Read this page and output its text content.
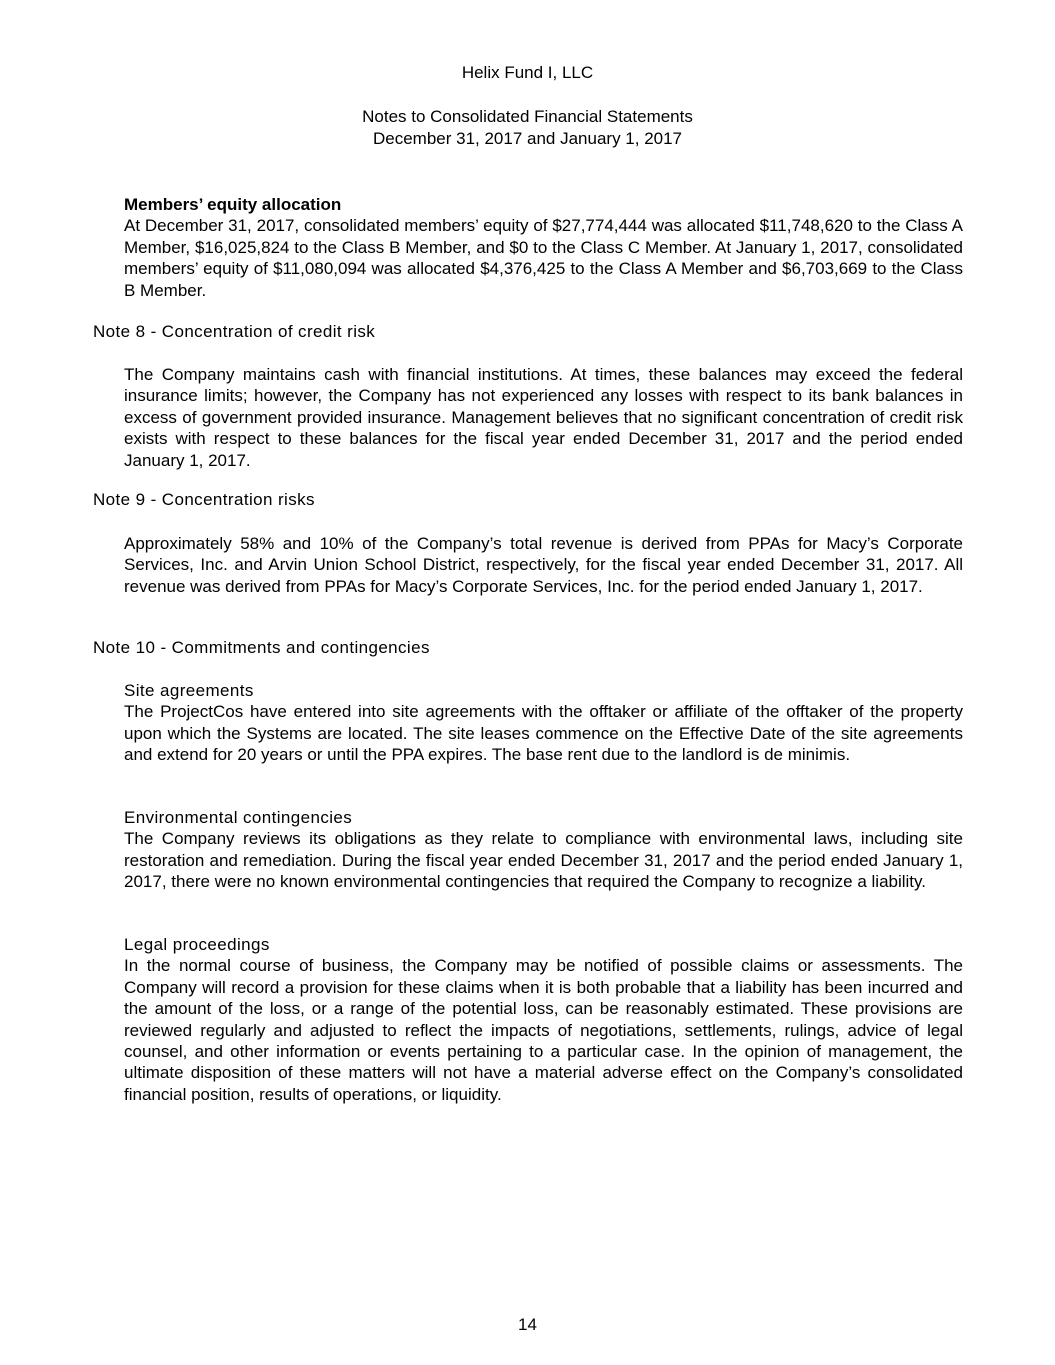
Helix Fund I, LLC
Notes to Consolidated Financial Statements
December 31, 2017 and January 1, 2017

Members’ equity allocation

At December 31, 2017, consolidated members’ equity of $27,774,444 was allocated $11,748,620 to the Class A Member, $16,025,824 to the Class B Member, and $0 to the Class C Member. At January 1, 2017, consolidated members’ equity of $11,080,094 was allocated $4,376,425 to the Class A Member and $6,703,669 to the Class B Member.

Note 8 - Concentration of credit risk
The Company maintains cash with financial institutions. At times, these balances may exceed the federal insurance limits; however, the Company has not experienced any losses with respect to its bank balances in excess of government provided insurance. Management believes that no significant concentration of credit risk exists with respect to these balances for the fiscal year ended December 31, 2017 and the period ended January 1, 2017.
Note 9 - Concentration risks
Approximately 58% and 10% of the Company’s total revenue is derived from PPAs for Macy’s Corporate Services, Inc. and Arvin Union School District, respectively, for the fiscal year ended December 31, 2017. All revenue was derived from PPAs for Macy’s Corporate Services, Inc. for the period ended January 1, 2017.
Note 10 - Commitments and contingencies

Site agreements

The ProjectCos have entered into site agreements with the offtaker or affiliate of the offtaker of the property upon which the Systems are located. The site leases commence on the Effective Date of the site agreements and extend for 20 years or until the PPA expires. The base rent due to the landlord is de minimis.

Environmental contingencies

The Company reviews its obligations as they relate to compliance with environmental laws, including site restoration and remediation. During the fiscal year ended December 31, 2017 and the period ended January 1, 2017, there were no known environmental contingencies that required the Company to recognize a liability.

Legal proceedings

In the normal course of business, the Company may be notified of possible claims or assessments. The Company will record a provision for these claims when it is both probable that a liability has been incurred and the amount of the loss, or a range of the potential loss, can be reasonably estimated. These provisions are reviewed regularly and adjusted to reflect the impacts of negotiations, settlements, rulings, advice of legal counsel, and other information or events pertaining to a particular case. In the opinion of management, the ultimate disposition of these matters will not have a material adverse effect on the Company’s consolidated financial position, results of operations, or liquidity.

14
